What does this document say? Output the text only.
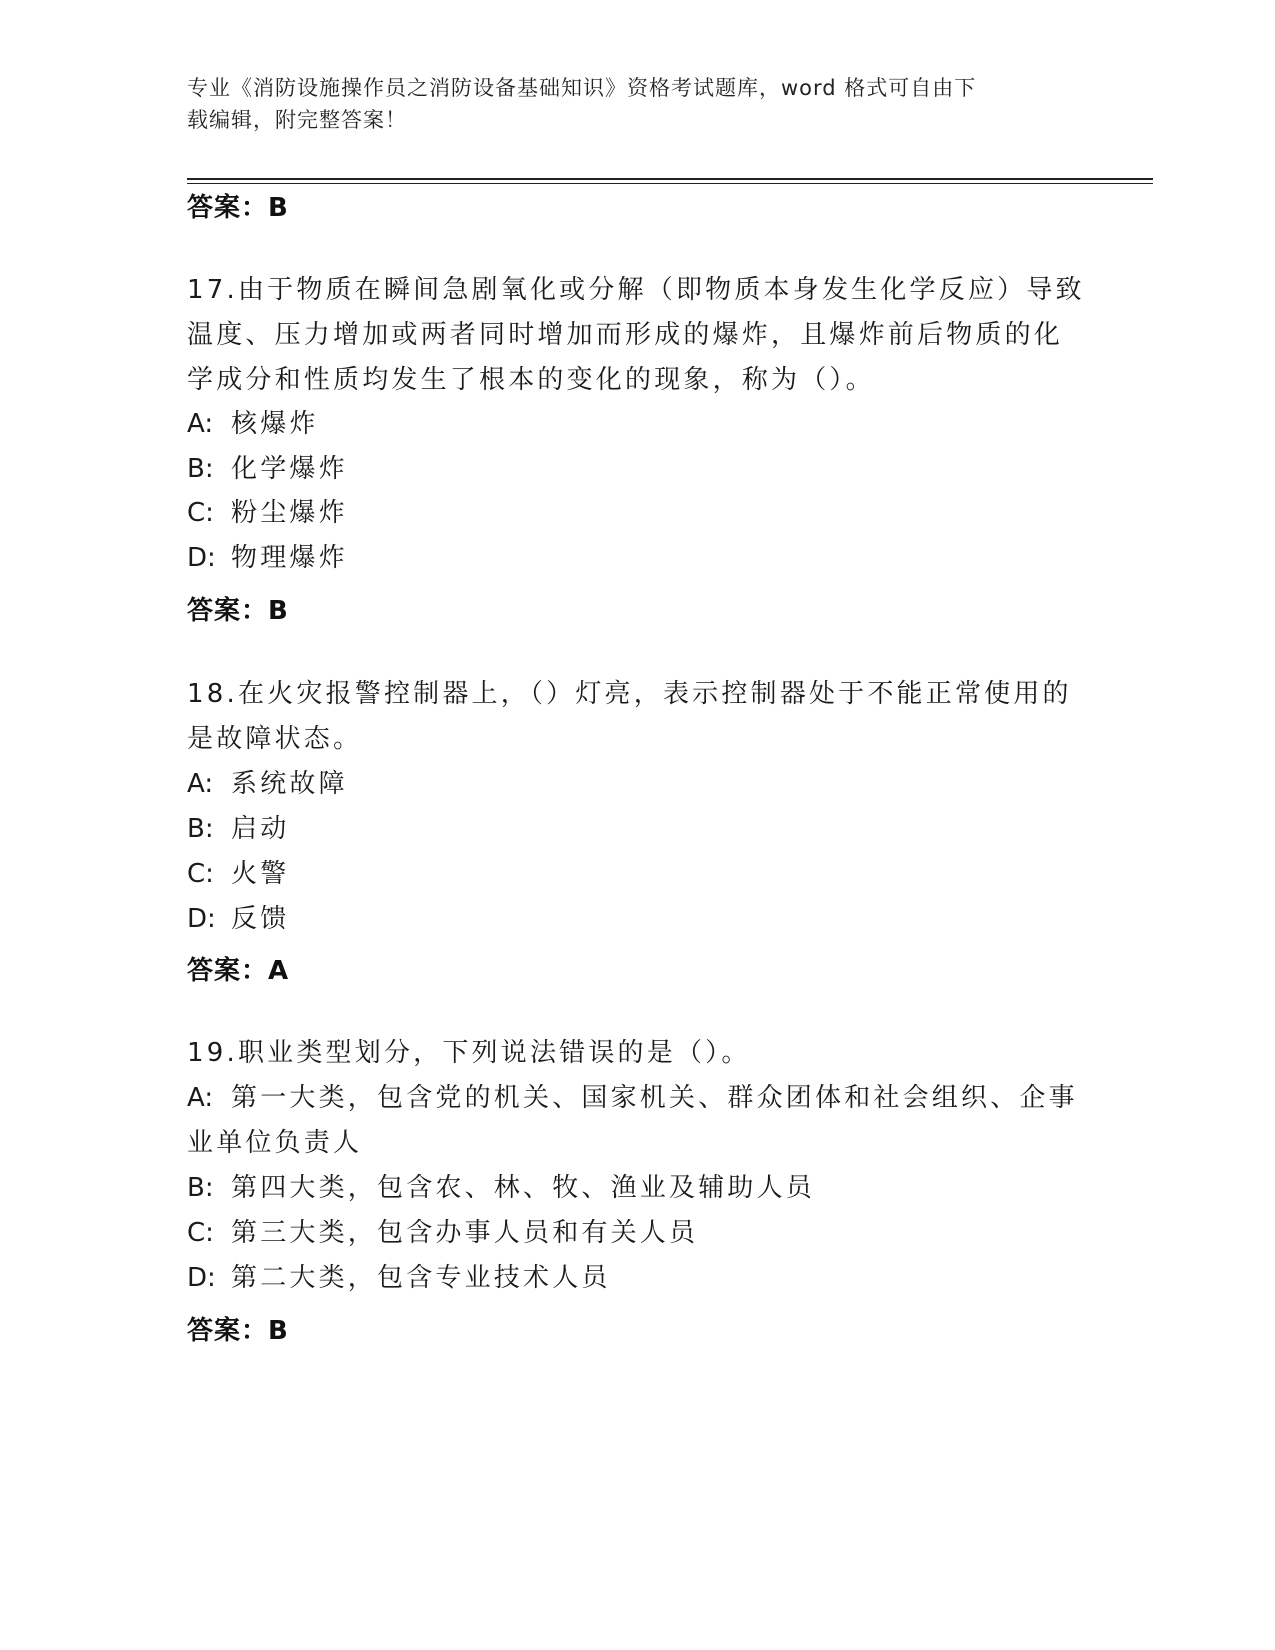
专业《消防设施操作员之消防设备基础知识》资格考试题库，word 格式可自由下
载编辑，附完整答案！
答案：B
17.由于物质在瞬间急剧氧化或分解（即物质本身发生化学反应）导致
温度、压力增加或两者同时增加而形成的爆炸，且爆炸前后物质的化
学成分和性质均发生了根本的变化的现象，称为（）。
A: 核爆炸
B: 化学爆炸
C: 粉尘爆炸
D: 物理爆炸
答案：B
18.在火灾报警控制器上，（）灯亮，表示控制器处于不能正常使用的
是故障状态。
A: 系统故障
B: 启动
C: 火警
D: 反馈
答案：A
19.职业类型划分，下列说法错误的是（）。
A: 第一大类，包含党的机关、国家机关、群众团体和社会组织、企事
业单位负责人
B: 第四大类，包含农、林、牧、渔业及辅助人员
C: 第三大类，包含办事人员和有关人员
D: 第二大类，包含专业技术人员
答案：B
